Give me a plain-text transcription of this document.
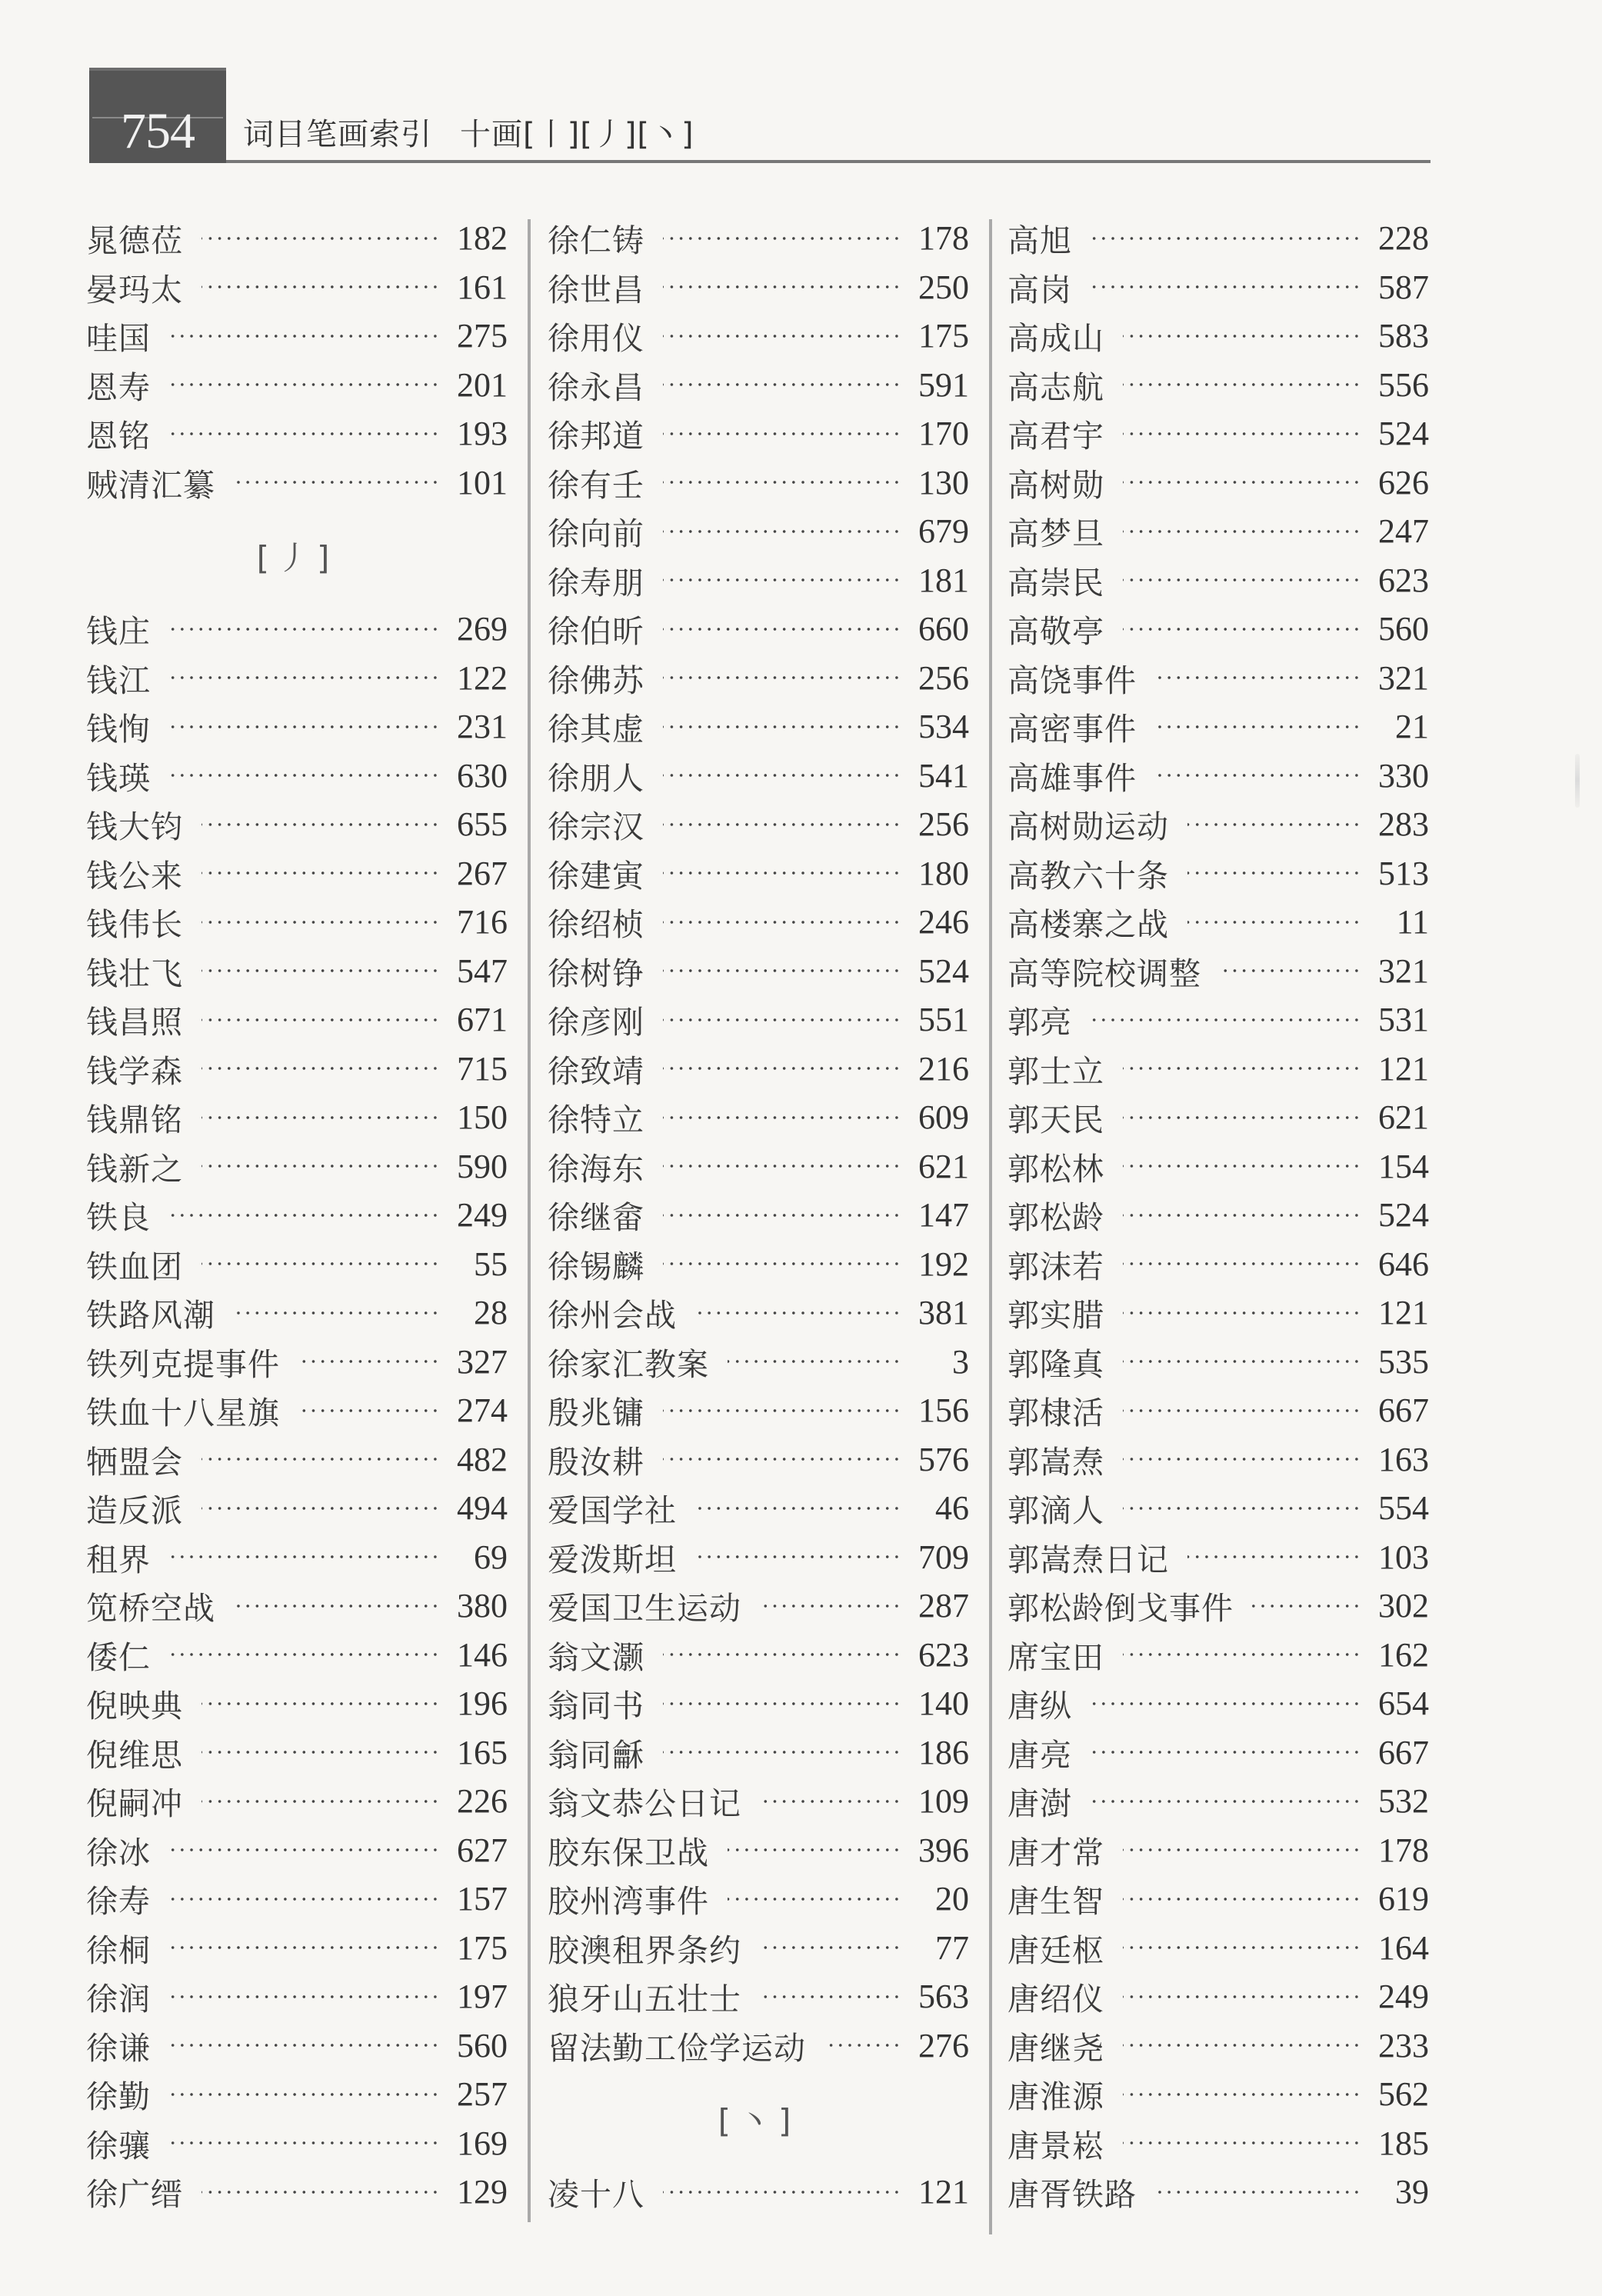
754	词目笔画索引 十画[丨][丿][丶]
晁德莅	182
晏玛太	161
哇国	275
恩寿	201
恩铭	193
贼清汇纂	101
[丿]
钱庄	269
钱江	122
钱恂	231
钱瑛	630
钱大钧	655
钱公来	267
钱伟长	716
钱壮飞	547
钱昌照	671
钱学森	715
钱鼎铭	150
钱新之	590
铁良	249
铁血团	55
铁路风潮	28
铁列克提事件	327
铁血十八星旗	274
牺盟会	482
造反派	494
租界	69
笕桥空战	380
倭仁	146
倪映典	196
倪维思	165
倪嗣冲	226
徐冰	627
徐寿	157
徐桐	175
徐润	197
徐谦	560
徐勤	257
徐骧	169
徐广缙	129
徐仁铸	178
徐世昌	250
徐用仪	175
徐永昌	591
徐邦道	170
徐有壬	130
徐向前	679
徐寿朋	181
徐伯昕	660
徐佛苏	256
徐其虚	534
徐朋人	541
徐宗汉	256
徐建寅	180
徐绍桢	246
徐树铮	524
徐彦刚	551
徐致靖	216
徐特立	609
徐海东	621
徐继畲	147
徐锡麟	192
徐州会战	381
徐家汇教案	3
殷兆镛	156
殷汝耕	576
爱国学社	46
爱泼斯坦	709
爱国卫生运动	287
翁文灏	623
翁同书	140
翁同龢	186
翁文恭公日记	109
胶东保卫战	396
胶州湾事件	20
胶澳租界条约	77
狼牙山五壮士	563
留法勤工俭学运动	276
[丶]
凌十八	121
高旭	228
高岗	587
高成山	583
高志航	556
高君宇	524
高树勋	626
高梦旦	247
高崇民	623
高敬亭	560
高饶事件	321
高密事件	21
高雄事件	330
高树勋运动	283
高教六十条	513
高楼寨之战	11
高等院校调整	321
郭亮	531
郭士立	121
郭天民	621
郭松林	154
郭松龄	524
郭沫若	646
郭实腊	121
郭隆真	535
郭棣活	667
郭嵩焘	163
郭滴人	554
郭嵩焘日记	103
郭松龄倒戈事件	302
席宝田	162
唐纵	654
唐亮	667
唐澍	532
唐才常	178
唐生智	619
唐廷枢	164
唐绍仪	249
唐继尧	233
唐淮源	562
唐景崧	185
唐胥铁路	39
